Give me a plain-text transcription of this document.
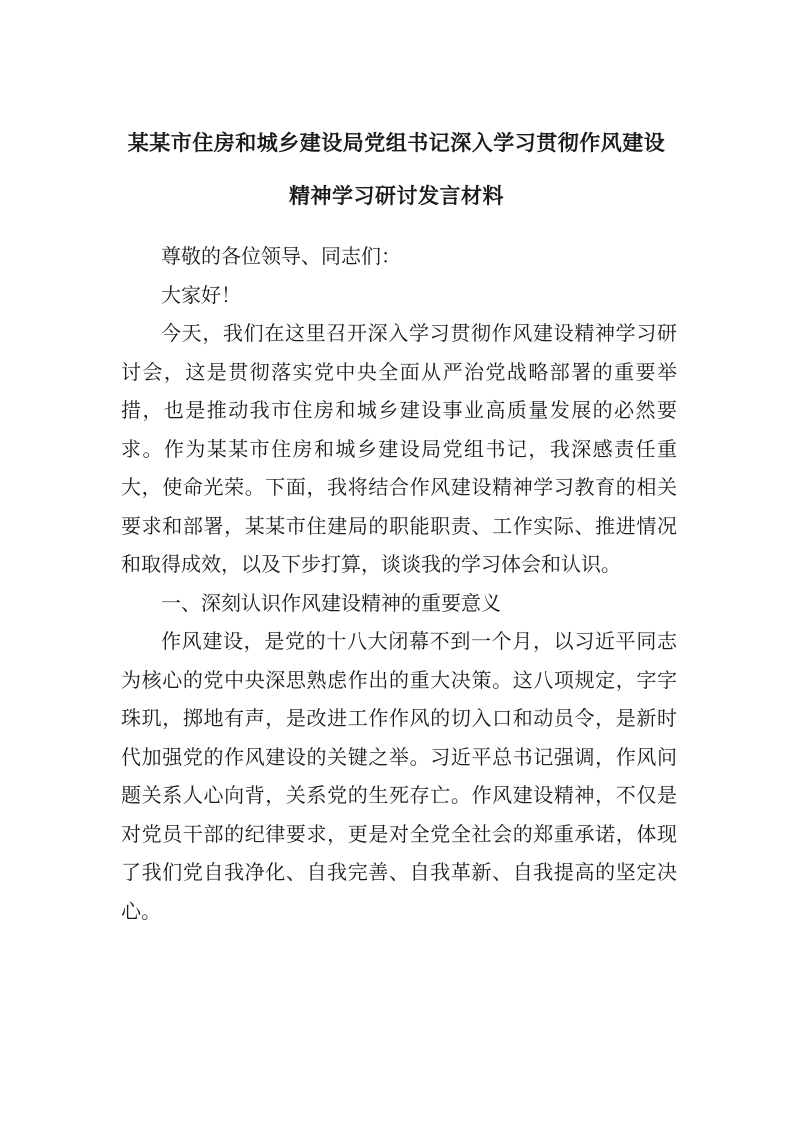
某某市住房和城乡建设局党组书记深入学习贯彻作风建设
精神学习研讨发言材料

尊敬的各位领导、同志们：

大家好！

今天，我们在这里召开深入学习贯彻作风建设精神学习研讨会，这是贯彻落实党中央全面从严治党战略部署的重要举措，也是推动我市住房和城乡建设事业高质量发展的必然要求。作为某某市住房和城乡建设局党组书记，我深感责任重大，使命光荣。下面，我将结合作风建设精神学习教育的相关要求和部署，某某市住建局的职能职责、工作实际、推进情况和取得成效，以及下步打算，谈谈我的学习体会和认识。

一、深刻认识作风建设精神的重要意义

作风建设，是党的十八大闭幕不到一个月，以习近平同志为核心的党中央深思熟虑作出的重大决策。这八项规定，字字珠玑，掷地有声，是改进工作作风的切入口和动员令，是新时代加强党的作风建设的关键之举。习近平总书记强调，作风问题关系人心向背，关系党的生死存亡。作风建设精神，不仅是对党员干部的纪律要求，更是对全党全社会的郑重承诺，体现了我们党自我净化、自我完善、自我革新、自我提高的坚定决心。
